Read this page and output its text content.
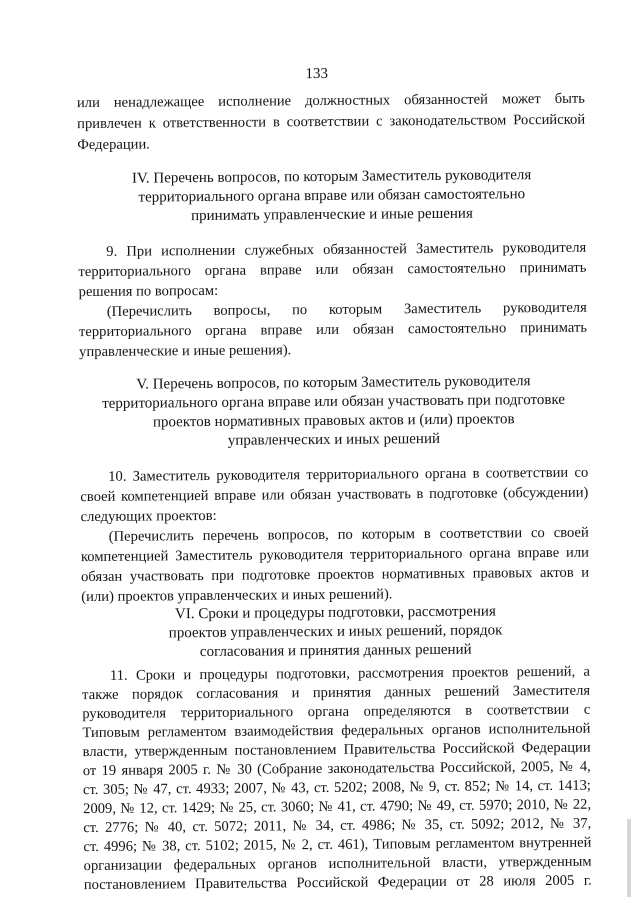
133
или ненадлежащее исполнение должностных обязанностей может быть
привлечен к ответственности в соответствии с законодательством Российской
Федерации.
IV. Перечень вопросов, по которым Заместитель руководителя
территориального органа вправе или обязан самостоятельно
принимать управленческие и иные решения
9. При исполнении служебных обязанностей Заместитель руководителя
территориального органа вправе или обязан самостоятельно принимать
решения по вопросам:
(Перечислить вопросы, по которым Заместитель руководителя
территориального органа вправе или обязан самостоятельно принимать
управленческие и иные решения).
V. Перечень вопросов, по которым Заместитель руководителя
территориального органа вправе или обязан участвовать при подготовке
проектов нормативных правовых актов и (или) проектов
управленческих и иных решений
10. Заместитель руководителя территориального органа в соответствии со
своей компетенцией вправе или обязан участвовать в подготовке (обсуждении)
следующих проектов:
(Перечислить перечень вопросов, по которым в соответствии со своей
компетенцией Заместитель руководителя территориального органа вправе или
обязан участвовать при подготовке проектов нормативных правовых актов и
(или) проектов управленческих и иных решений).
VI. Сроки и процедуры подготовки, рассмотрения
проектов управленческих и иных решений, порядок
согласования и принятия данных решений
11. Сроки и процедуры подготовки, рассмотрения проектов решений, а
также порядок согласования и принятия данных решений Заместителя
руководителя территориального органа определяются в соответствии с
Типовым регламентом взаимодействия федеральных органов исполнительной
власти, утвержденным постановлением Правительства Российской Федерации
от 19 января 2005 г. № 30 (Собрание законодательства Российской, 2005, № 4,
ст. 305; № 47, ст. 4933; 2007, № 43, ст. 5202; 2008, № 9, ст. 852; № 14, ст. 1413;
2009, № 12, ст. 1429; № 25, ст. 3060; № 41, ст. 4790; № 49, ст. 5970; 2010, № 22,
ст. 2776; № 40, ст. 5072; 2011, № 34, ст. 4986; № 35, ст. 5092; 2012, № 37,
ст. 4996; № 38, ст. 5102; 2015, № 2, ст. 461), Типовым регламентом внутренней
организации федеральных органов исполнительной власти, утвержденным
постановлением Правительства Российской Федерации от 28 июля 2005 г.
